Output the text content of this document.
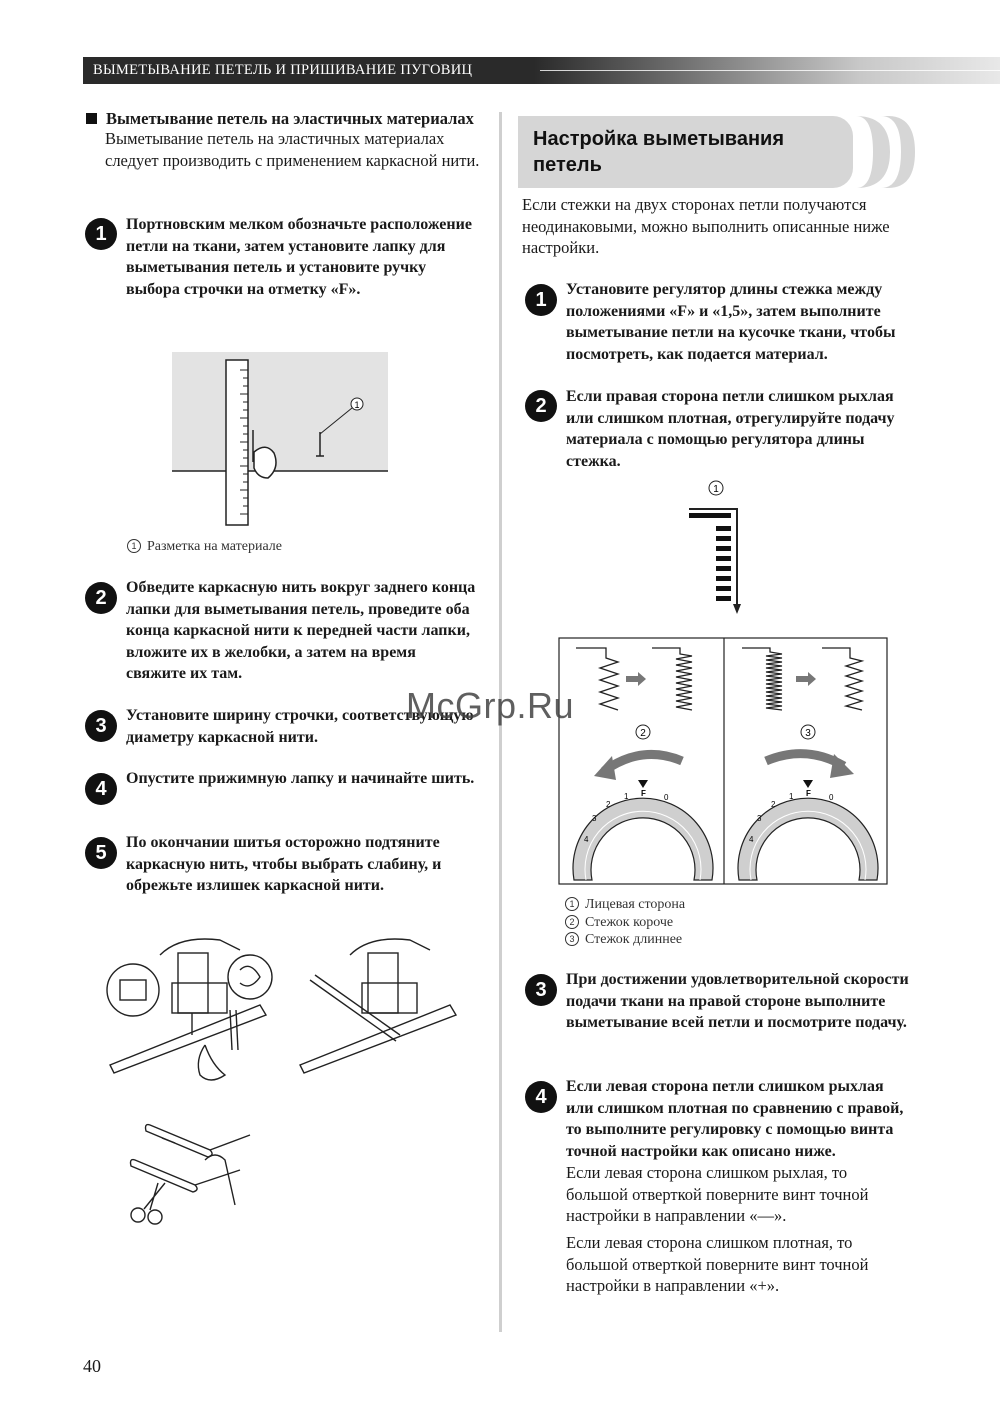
ВЫМЕТЫВАНИЕ ПЕТЕЛЬ И ПРИШИВАНИЕ ПУГОВИЦ
Выметывание петель на эластичных материалах
Выметывание петель на эластичных материалах следует производить с применением каркасной нити.
1	Портновским мелком обозначьте расположение петли на ткани, затем установите лапку для выметывания петель и установите ручку выбора строчки на отметку «F».
1
1 Разметка на материале
2	Обведите каркасную нить вокруг заднего конца лапки для выметывания петель, проведите оба конца каркасной нити к передней части лапки, вложите их в желобки, а затем на время свяжите их там.
3	Установите ширину строчки, соответствующую диаметру каркасной нити.
4	Опустите прижимную лапку и начинайте шить.
5	По окончании шитья осторожно подтяните каркасную нить, чтобы выбрать слабину, и обрежьте излишек каркасной нити.
Настройка выметывания
петель
Если стежки на двух сторонах петли получаются неодинаковыми, можно выполнить описанные ниже настройки.
1	Установите регулятор длины стежка между положениями «F» и «1,5», затем выполните выметывание петли на кусочке ткани, чтобы посмотреть, как подается материал.
2	Если правая сторона петли слишком рыхлая или слишком плотная, отрегулируйте подачу материала с помощью регулятора длины стежка.
1
2	3
4
3
2
1 F 0
4
3
2
1 F 0
1 Лицевая сторона
2 Стежок короче
3 Стежок длиннее
3	При достижении удовлетворительной скорости подачи ткани на правой стороне выполните выметывание всей петли и посмотрите подачу.
4	Если левая сторона петли слишком рыхлая или слишком плотная по сравнению с правой, то выполните регулировку с помощью винта точной настройки как описано ниже.
Если левая сторона слишком рыхлая, то большой отверткой поверните винт точной настройки в направлении «—».
Если левая сторона слишком плотная, то большой отверткой поверните винт точной настройки в направлении «+».
McGrp.Ru
40
